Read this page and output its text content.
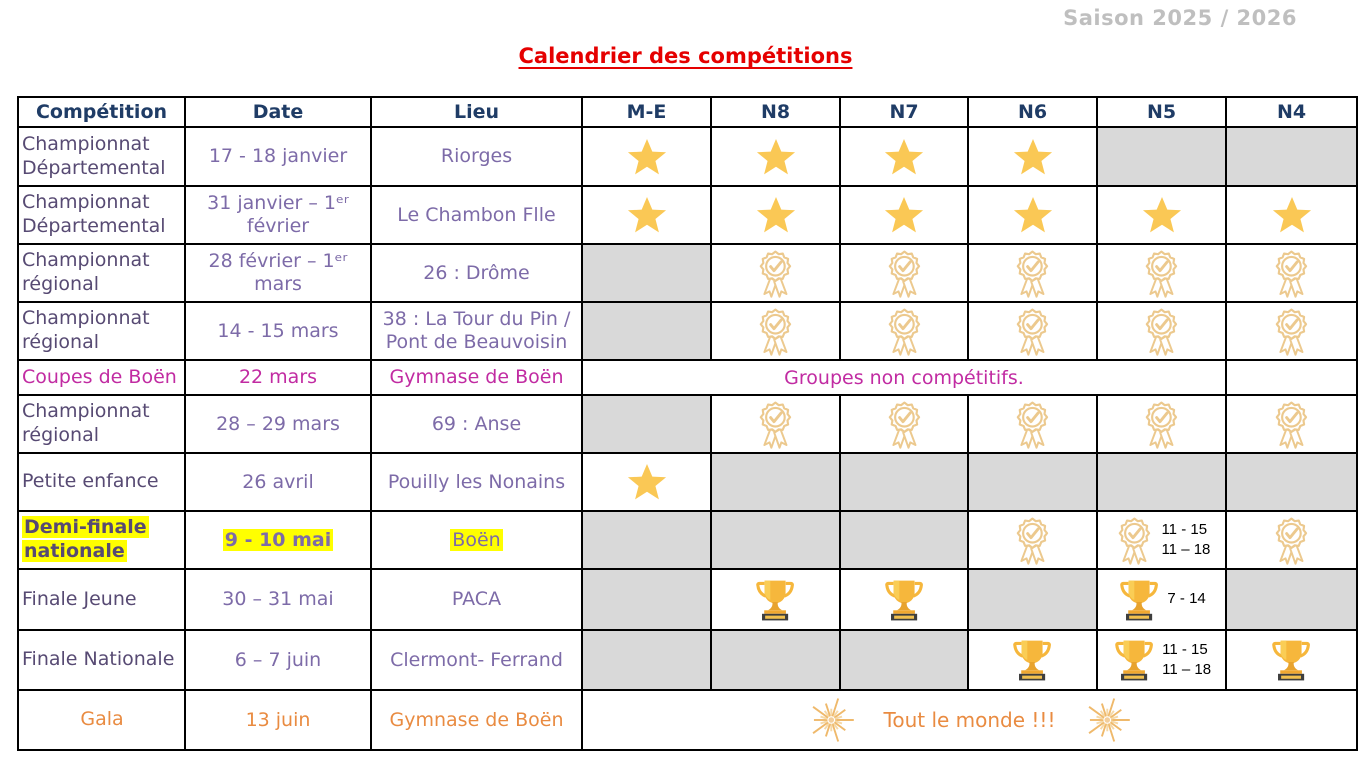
Saison 2025 / 2026
Calendrier des compétitions
Compétition	Date	Lieu	M-E	N8	N7	N6	N5	N4
Championnat Départemental	17 - 18 janvier	Riorges	

Championnat Départemental	31 janvier – 1ᵉʳ février	Le Chambon Flle	

Championnat régional	28 février – 1ᵉʳ mars	26 : Drôme		

Championnat régional	14 - 15 mars	38 : La Tour du Pin / Pont de Beauvoisin		

Coupes de Boën	22 mars	Gymnase de Boën	Groupes non compétitifs.					
Championnat régional	28 – 29 mars	69 : Anse		

Petite enfance	26 avril	Pouilly les Nonains	

Demi-finale nationale	9 - 10 mai	Boën					11 - 15
11 – 18

Finale Jeune	30 – 31 mai	PACA					7 - 14	

Finale Nationale	6 – 7 juin	Clermont- Ferrand					11 - 15
11 – 18

Gala	13 juin	Gymnase de Boën	Tout le monde !!!					
